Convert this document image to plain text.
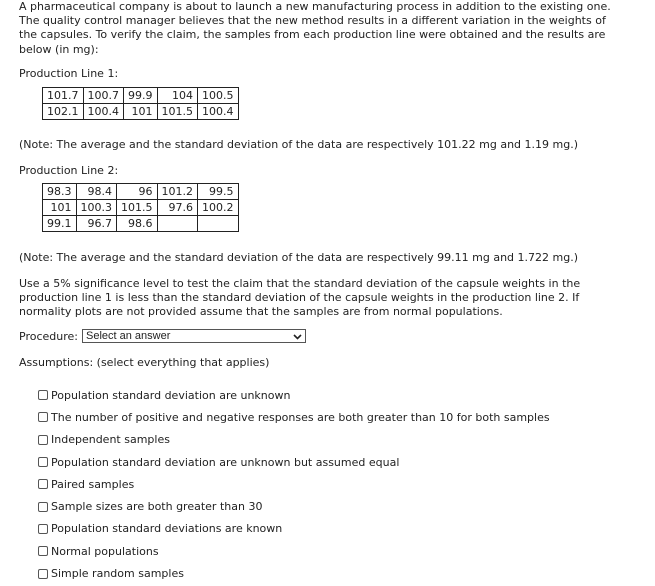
A pharmaceutical company is about to launch a new manufacturing process in addition to the existing one. The quality control manager believes that the new method results in a different variation in the weights of the capsules. To verify the claim, the samples from each production line were obtained and the results are below (in mg):
Production Line 1:
101.7	100.7	99.9	104	100.5
102.1	100.4	101	101.5	100.4
(Note: The average and the standard deviation of the data are respectively 101.22 mg and 1.19 mg.)
Production Line 2:
98.3	98.4	96	101.2	99.5
101	100.3	101.5	97.6	100.2
99.1	96.7	98.6		
(Note: The average and the standard deviation of the data are respectively 99.11 mg and 1.722 mg.)
Use a 5% significance level to test the claim that the standard deviation of the capsule weights in the production line 1 is less than the standard deviation of the capsule weights in the production line 2. If normality plots are not provided assume that the samples are from normal populations.
Procedure: Select an answer
Assumptions: (select everything that applies)
Population standard deviation are unknown
The number of positive and negative responses are both greater than 10 for both samples
Independent samples
Population standard deviation are unknown but assumed equal
Paired samples
Sample sizes are both greater than 30
Population standard deviations are known
Normal populations
Simple random samples
